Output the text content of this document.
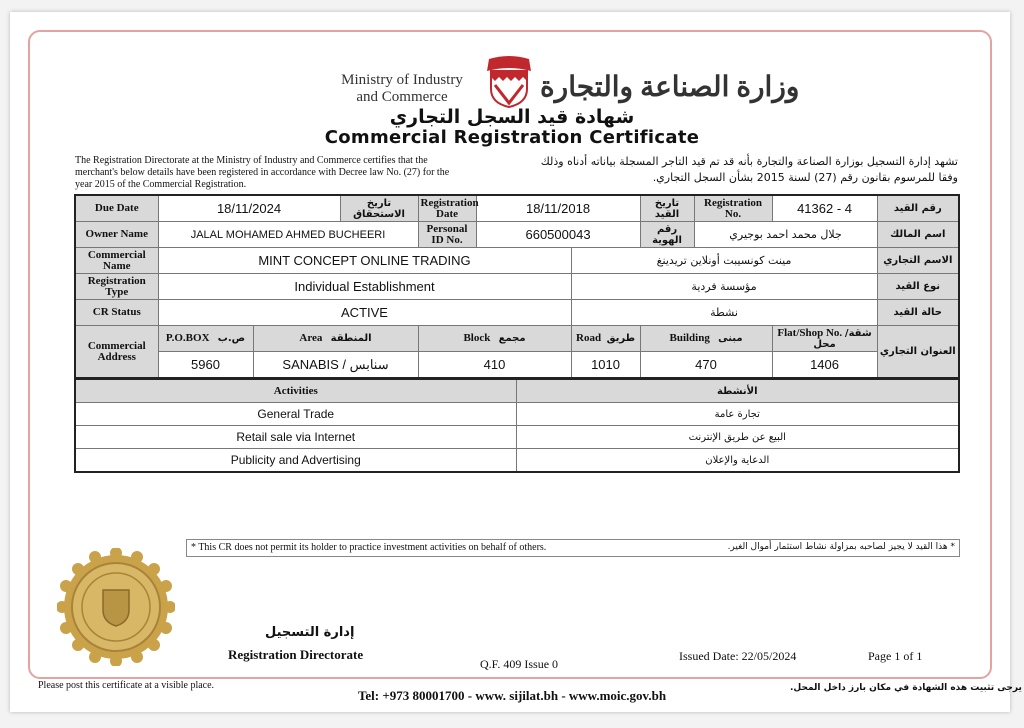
Ministry of Industry
and Commerce	وزارة الصناعة والتجارة
شهادة قيد السجل التجاري
Commercial Registration Certificate
The Registration Directorate at the Ministry of Industry and Commerce certifies that the merchant's below details have been registered in accordance with Decree law No. (27) for the year 2015 of the Commercial Registration.
تشهد إدارة التسجيل بوزارة الصناعة والتجارة بأنه قد تم قيد التاجر المسجلة بياناته أدناه وذلك وفقا للمرسوم بقانون رقم (27) لسنة 2015 بشأن السجل التجاري.
Due Date	18/11/2024		تاريخ الاستحقاق	Registration Date	18/11/2018		تاريخ القيد	Registration No.	41362 - 4	رقم القيد
Owner Name	JALAL MOHAMED AHMED BUCHEERI			Personal ID No.	660500043		رقم الهوية	جلال محمد احمد بوجيري		اسم المالك
Commercial Name	MINT CONCEPT ONLINE TRADING					مينت كونسيبت أونلاين تريدينغ				الاسم التجاري
Registration Type	Individual Establishment					مؤسسة فردية				نوع القيد
CR Status	ACTIVE					نشطة				حالة القيد
Commercial Address	P.O.BOX ص.ب	Area المنطقة		Block مجمع		Road طريق	Building مبنى		Flat/Shop No. شقة/محل	العنوان التجاري
	5960	SANABIS / سنابس		410		1010	470		1406	
Activities	الأنشطة
General Trade	تجارة عامة
Retail sale via Internet	البيع عن طريق الإنترنت
Publicity and Advertising	الدعاية والإعلان
* This CR does not permit its holder to practice investment activities on behalf of others.	* هذا القيد لا يجيز لصاحبه بمزاولة نشاط استثمار أموال الغير.
إدارة التسجيل
Registration Directorate
Q.F. 409 Issue 0
Issued Date: 22/05/2024	Page 1 of 1
Please post this certificate at a visible place.	يرجى تثبيت هذه الشهادة في مكان بارز داخل المحل.
Tel: +973 80001700 - www. sijilat.bh - www.moic.gov.bh
